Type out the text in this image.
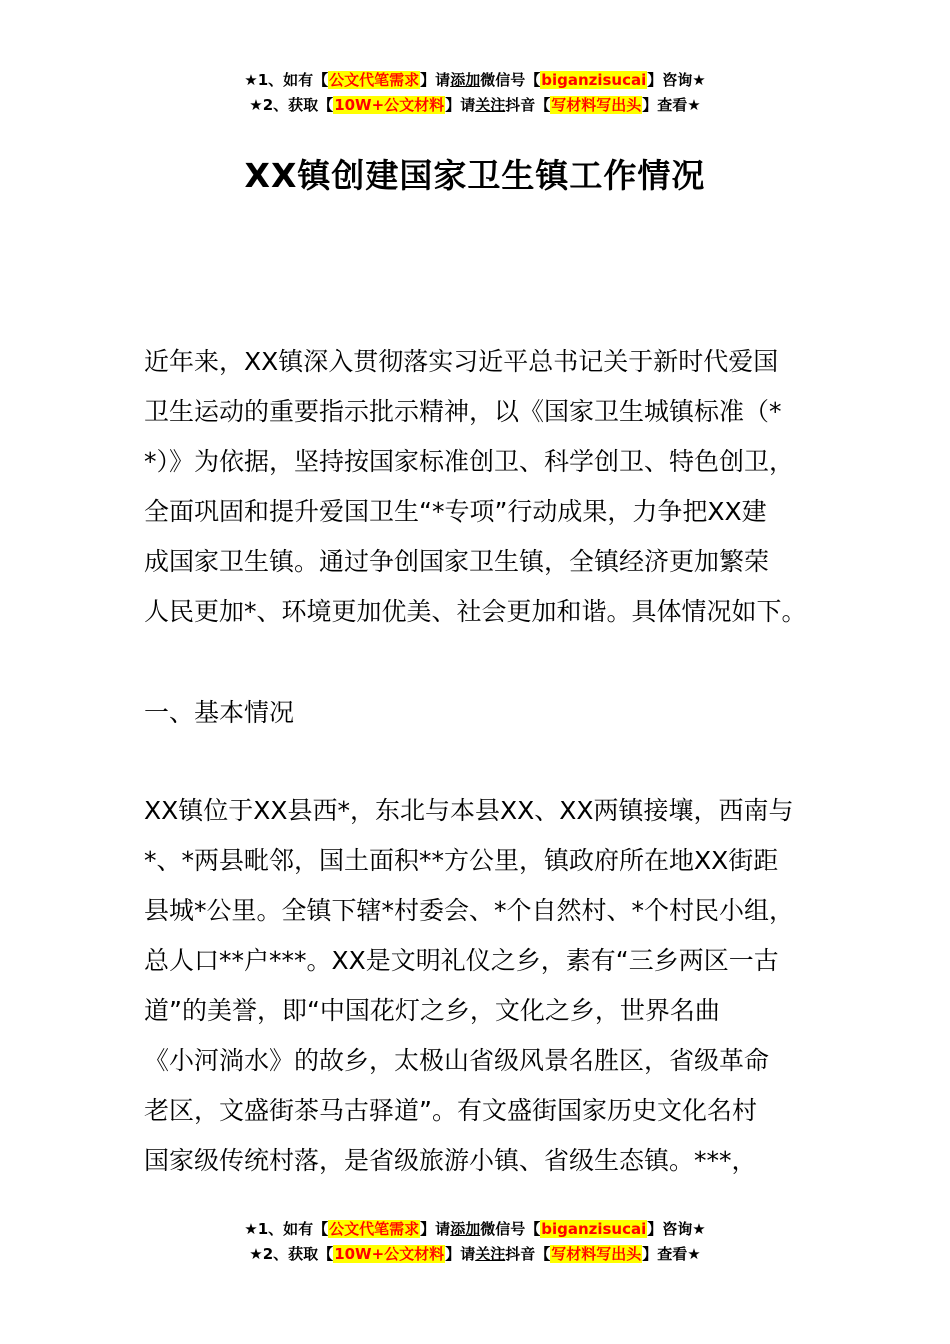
★1、如有【公文代笔需求】请添加微信号【biganzisucai】咨询★
★2、获取【10W+公文材料】请关注抖音【写材料写出头】查看★
XX镇创建国家卫生镇工作情况
近年来，XX镇深入贯彻落实习近平总书记关于新时代爱国
卫生运动的重要指示批示精神，以《国家卫生城镇标准（*
*）》为依据，坚持按国家标准创卫、科学创卫、特色创卫，
全面巩固和提升爱国卫生“*专项”行动成果，力争把XX建
成国家卫生镇。通过争创国家卫生镇，全镇经济更加繁荣
人民更加*、环境更加优美、社会更加和谐。具体情况如下。
一、基本情况
XX镇位于XX县西*，东北与本县XX、XX两镇接壤，西南与
*、*两县毗邻，国土面积**方公里，镇政府所在地XX街距
县城*公里。全镇下辖*村委会、*个自然村、*个村民小组，
总人口**户***。XX是文明礼仪之乡，素有“三乡两区一古
道”的美誉，即“中国花灯之乡，文化之乡，世界名曲
《小河淌水》的故乡，太极山省级风景名胜区，省级革命
老区，文盛街茶马古驿道”。有文盛街国家历史文化名村
国家级传统村落，是省级旅游小镇、省级生态镇。***，
★1、如有【公文代笔需求】请添加微信号【biganzisucai】咨询★
★2、获取【10W+公文材料】请关注抖音【写材料写出头】查看★
